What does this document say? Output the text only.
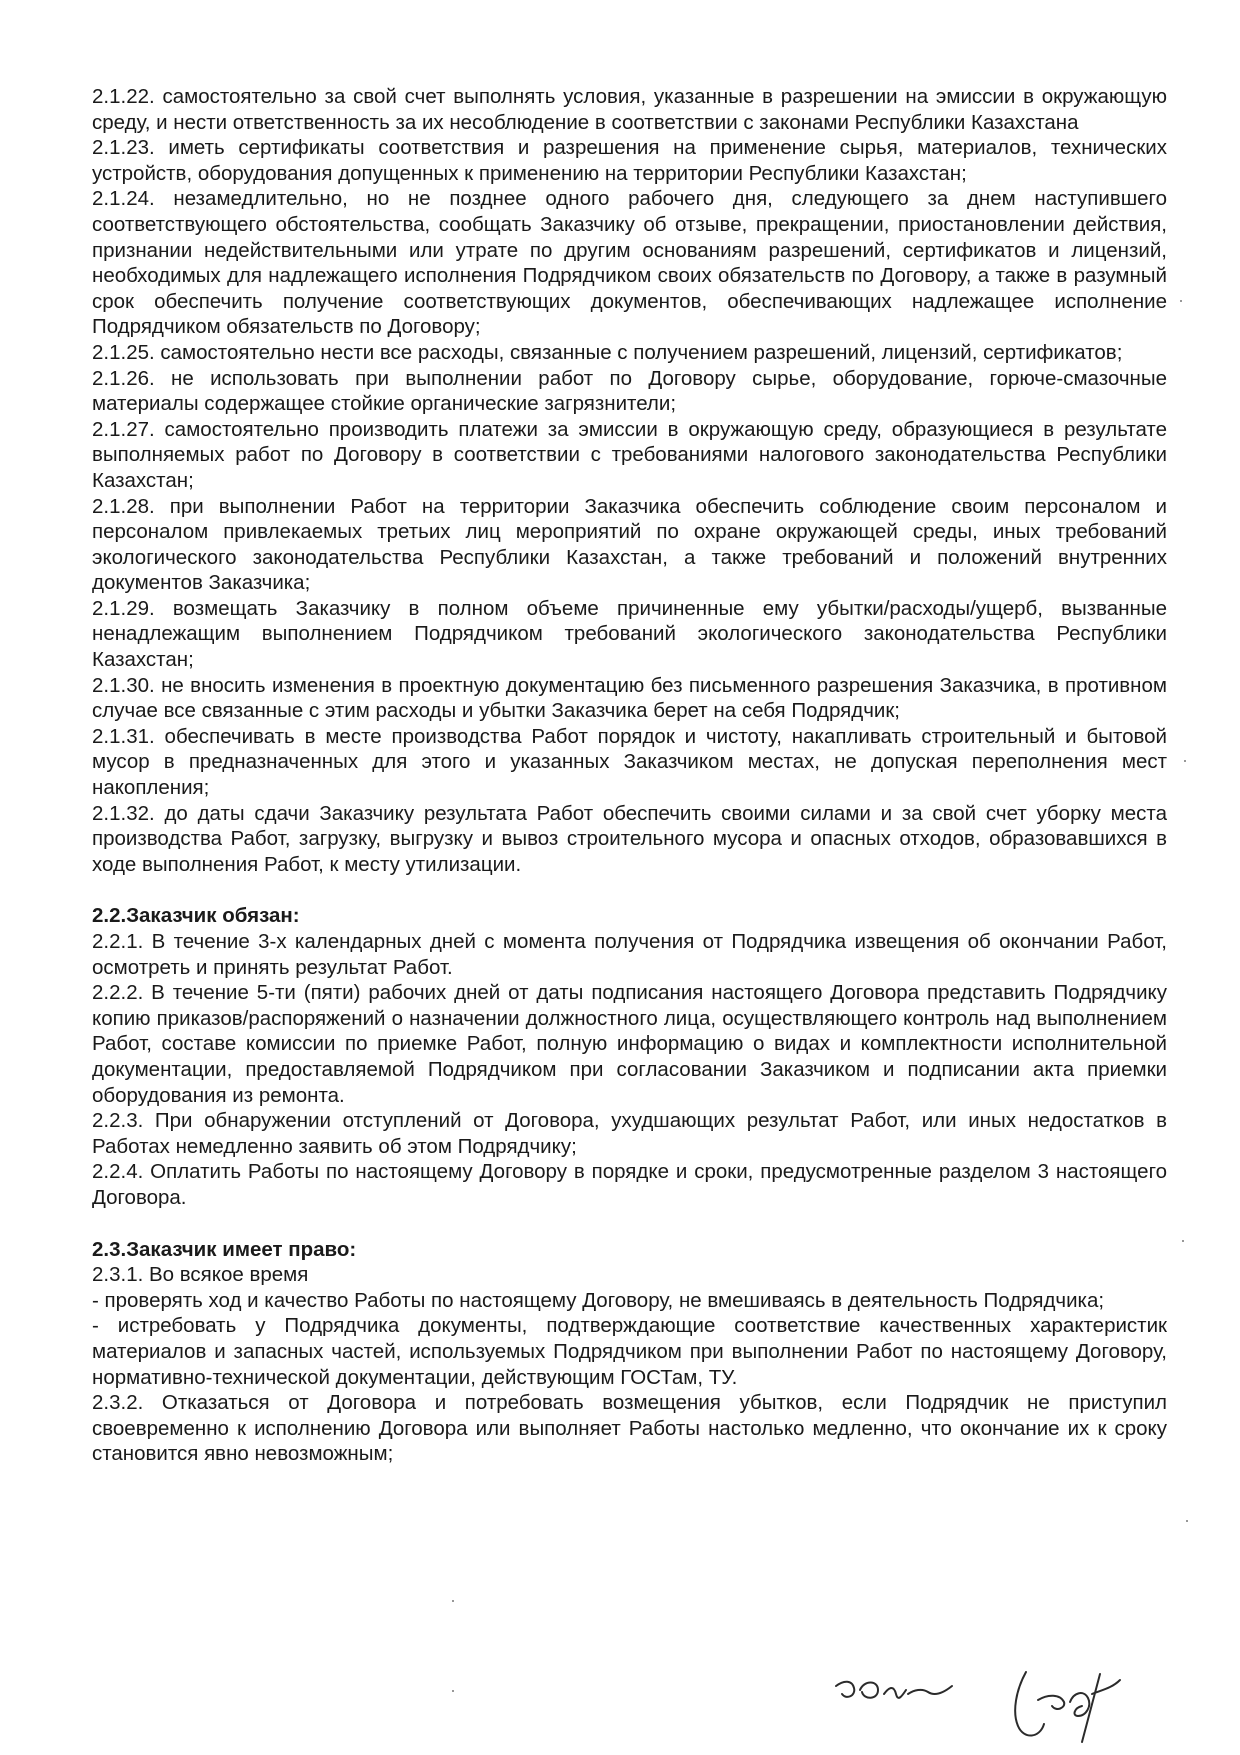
2.1.22. самостоятельно за свой счет выполнять условия, указанные в разрешении на эмиссии в окружающую среду, и нести ответственность за их несоблюдение в соответствии с законами Республики Казахстана

2.1.23. иметь сертификаты соответствия и разрешения на применение сырья, материалов, технических устройств, оборудования допущенных к применению на территории Республики Казахстан;

2.1.24. незамедлительно, но не позднее одного рабочего дня, следующего за днем наступившего соответствующего обстоятельства, сообщать Заказчику об отзыве, прекращении, приостановлении действия, признании недействительными или утрате по другим основаниям разрешений, сертификатов и лицензий, необходимых для надлежащего исполнения Подрядчиком своих обязательств по Договору, а также в разумный срок обеспечить получение соответствующих документов, обеспечивающих надлежащее исполнение Подрядчиком обязательств по Договору;

2.1.25. самостоятельно нести все расходы, связанные с получением разрешений, лицензий, сертификатов;

2.1.26. не использовать при выполнении работ по Договору сырье, оборудование, горюче-смазочные материалы содержащее стойкие органические загрязнители;

2.1.27. самостоятельно производить платежи за эмиссии в окружающую среду, образующиеся в результате выполняемых работ по Договору в соответствии с требованиями налогового законодательства Республики Казахстан;

2.1.28. при выполнении Работ на территории Заказчика обеспечить соблюдение своим персоналом и персоналом привлекаемых третьих лиц мероприятий по охране окружающей среды, иных требований экологического законодательства Республики Казахстан, а также требований и положений внутренних документов Заказчика;

2.1.29. возмещать Заказчику в полном объеме причиненные ему убытки/расходы/ущерб, вызванные ненадлежащим выполнением Подрядчиком требований экологического законодательства Республики Казахстан;

2.1.30. не вносить изменения в проектную документацию без письменного разрешения Заказчика, в противном случае все связанные с этим расходы и убытки Заказчика берет на себя Подрядчик;

2.1.31. обеспечивать в месте производства Работ порядок и чистоту, накапливать строительный и бытовой мусор в предназначенных для этого и указанных Заказчиком местах, не допуская переполнения мест накопления;

2.1.32. до даты сдачи Заказчику результата Работ обеспечить своими силами и за свой счет уборку места производства Работ, загрузку, выгрузку и вывоз строительного мусора и опасных отходов, образовавшихся в ходе выполнения Работ, к месту утилизации.

2.2.Заказчик обязан:

2.2.1. В течение 3-х календарных дней с момента получения от Подрядчика извещения об окончании Работ, осмотреть и принять результат Работ.

2.2.2. В течение 5-ти (пяти) рабочих дней от даты подписания настоящего Договора представить Подрядчику копию приказов/распоряжений о назначении должностного лица, осуществляющего контроль над выполнением Работ, составе комиссии по приемке Работ, полную информацию о видах и комплектности исполнительной документации, предоставляемой Подрядчиком при согласовании Заказчиком и подписании акта приемки оборудования из ремонта.

2.2.3. При обнаружении отступлений от Договора, ухудшающих результат Работ, или иных недостатков в Работах немедленно заявить об этом Подрядчику;

2.2.4. Оплатить Работы по настоящему Договору в порядке и сроки, предусмотренные разделом 3 настоящего Договора.

2.3.Заказчик имеет право:

2.3.1. Во всякое время

- проверять ход и качество Работы по настоящему Договору, не вмешиваясь в деятельность Подрядчика;

- истребовать у Подрядчика документы, подтверждающие соответствие качественных характеристик материалов и запасных частей, используемых Подрядчиком при выполнении Работ по настоящему Договору, нормативно-технической документации, действующим ГОСТам, ТУ.

2.3.2. Отказаться от Договора и потребовать возмещения убытков, если Подрядчик не приступил своевременно к исполнению Договора или выполняет Работы настолько медленно, что окончание их к сроку становится явно невозможным;
